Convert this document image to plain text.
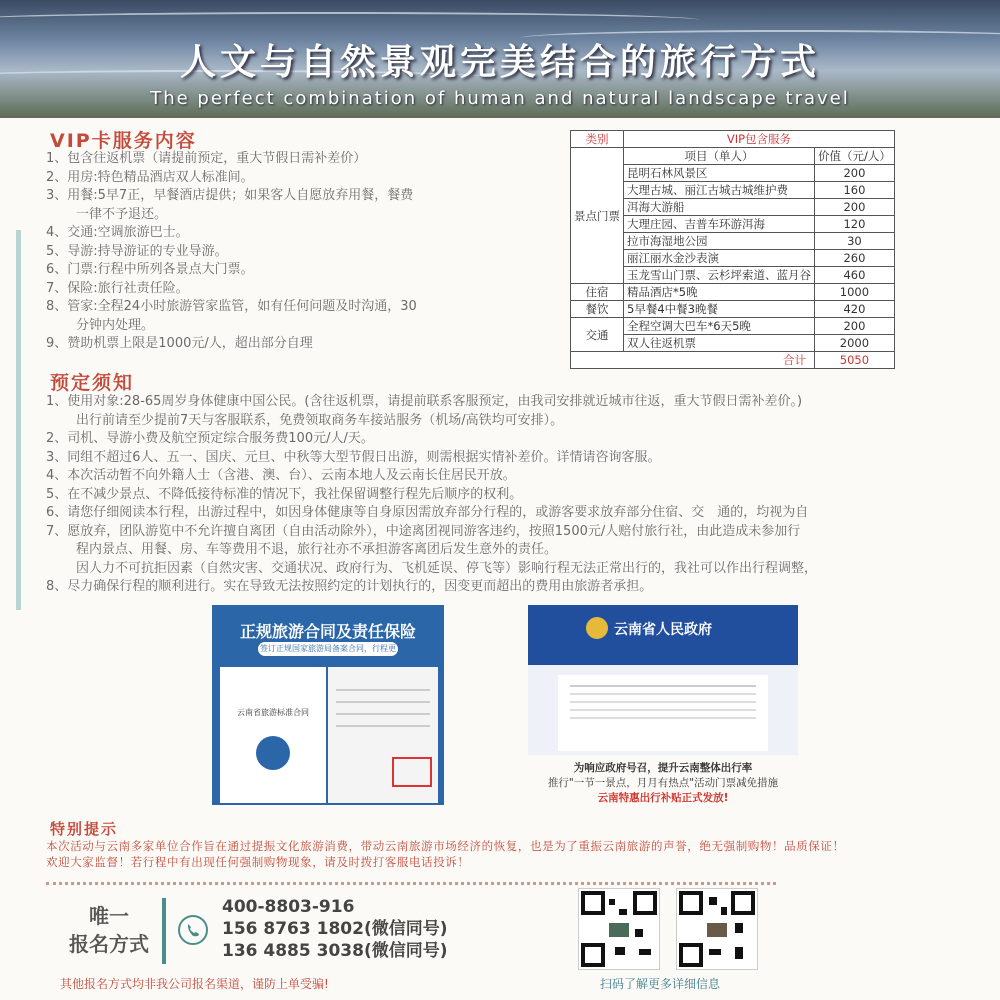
人文与自然景观完美结合的旅行方式
The perfect combination of human and natural landscape travel
VIP卡服务内容
1、包含往返机票（请提前预定，重大节假日需补差价）
2、用房:特色精品酒店双人标准间。
3、用餐:5早7正，早餐酒店提供；如果客人自愿放弃用餐，餐费
一律不予退还。
4、交通:空调旅游巴士。
5、导游:持导游证的专业导游。
6、门票:行程中所列各景点大门票。
7、保险:旅行社责任险。
8、管家:全程24小时旅游管家监管，如有任何问题及时沟通，30
分钟内处理。
9、赞助机票上限是1000元/人，超出部分自理
类别	VIP包含服务	
景点门票	项目（单人）	价值（元/人）
	昆明石林风景区	200
	大理古城、丽江古城古城维护费	160
	洱海大游船	200
	大理庄园、吉普车环游洱海	120
	拉市海湿地公园	30
	丽江丽水金沙表演	260
	玉龙雪山门票、云杉坪索道、蓝月谷	460
住宿	精品酒店*5晚	1000
餐饮	5早餐4中餐3晚餐	420
交通	全程空调大巴车*6天5晚	200
	双人往返机票	2000
合计		5050
预定须知
1、使用对象:28-65周岁身体健康中国公民。(含往返机票，请提前联系客服预定，由我司安排就近城市往返，重大节假日需补差价。)
出行前请至少提前7天与客服联系，免费领取商务车接站服务（机场/高铁均可安排）。
2、司机、导游小费及航空预定综合服务费100元/人/天。
3、同组不超过6人、五一、国庆、元旦、中秋等大型节假日出游，则需根据实情补差价。详情请咨询客服。
4、本次活动暂不向外籍人士（含港、澳、台）、云南本地人及云南长住居民开放。
5、在不减少景点、不降低接待标准的情况下，我社保留调整行程先后顺序的权利。
6、请您仔细阅读本行程，出游过程中，如因身体健康等自身原因需放弃部分行程的，或游客要求放弃部分住宿、交　通的，均视为自
7、愿放弃，团队游览中不允许擅自离团（自由活动除外），中途离团视同游客违约，按照1500元/人赔付旅行社，由此造成未参加行
程内景点、用餐、房、车等费用不退，旅行社亦不承担游客离团后发生意外的责任。
因人力不可抗拒因素（自然灾害、交通状况、政府行为、飞机延误、停飞等）影响行程无法正常出行的，我社可以作出行程调整，
8、尽力确保行程的顺利进行。实在导致无法按照约定的计划执行的，因变更而超出的费用由旅游者承担。
正规旅游合同及责任保险
签订正规国家旅游局备案合同，行程更有保障
云南省旅游标准合同
云南省人民政府
为响应政府号召，提升云南整体出行率
推行"一节一景点，月月有热点"活动门票减免措施
云南特惠出行补贴正式发放!
特别提示
本次活动与云南多家单位合作旨在通过提振文化旅游消费，带动云南旅游市场经济的恢复，也是为了重振云南旅游的声誉，绝无强制购物！品质保证！
欢迎大家监督！若行程中有出现任何强制购物现象，请及时拨打客服电话投诉！
唯一
报名方式
400-8803-916
156 8763 1802(微信同号)
136 4885 3038(微信同号)
其他报名方式均非我公司报名渠道，谨防上单受骗!	扫码了解更多详细信息
